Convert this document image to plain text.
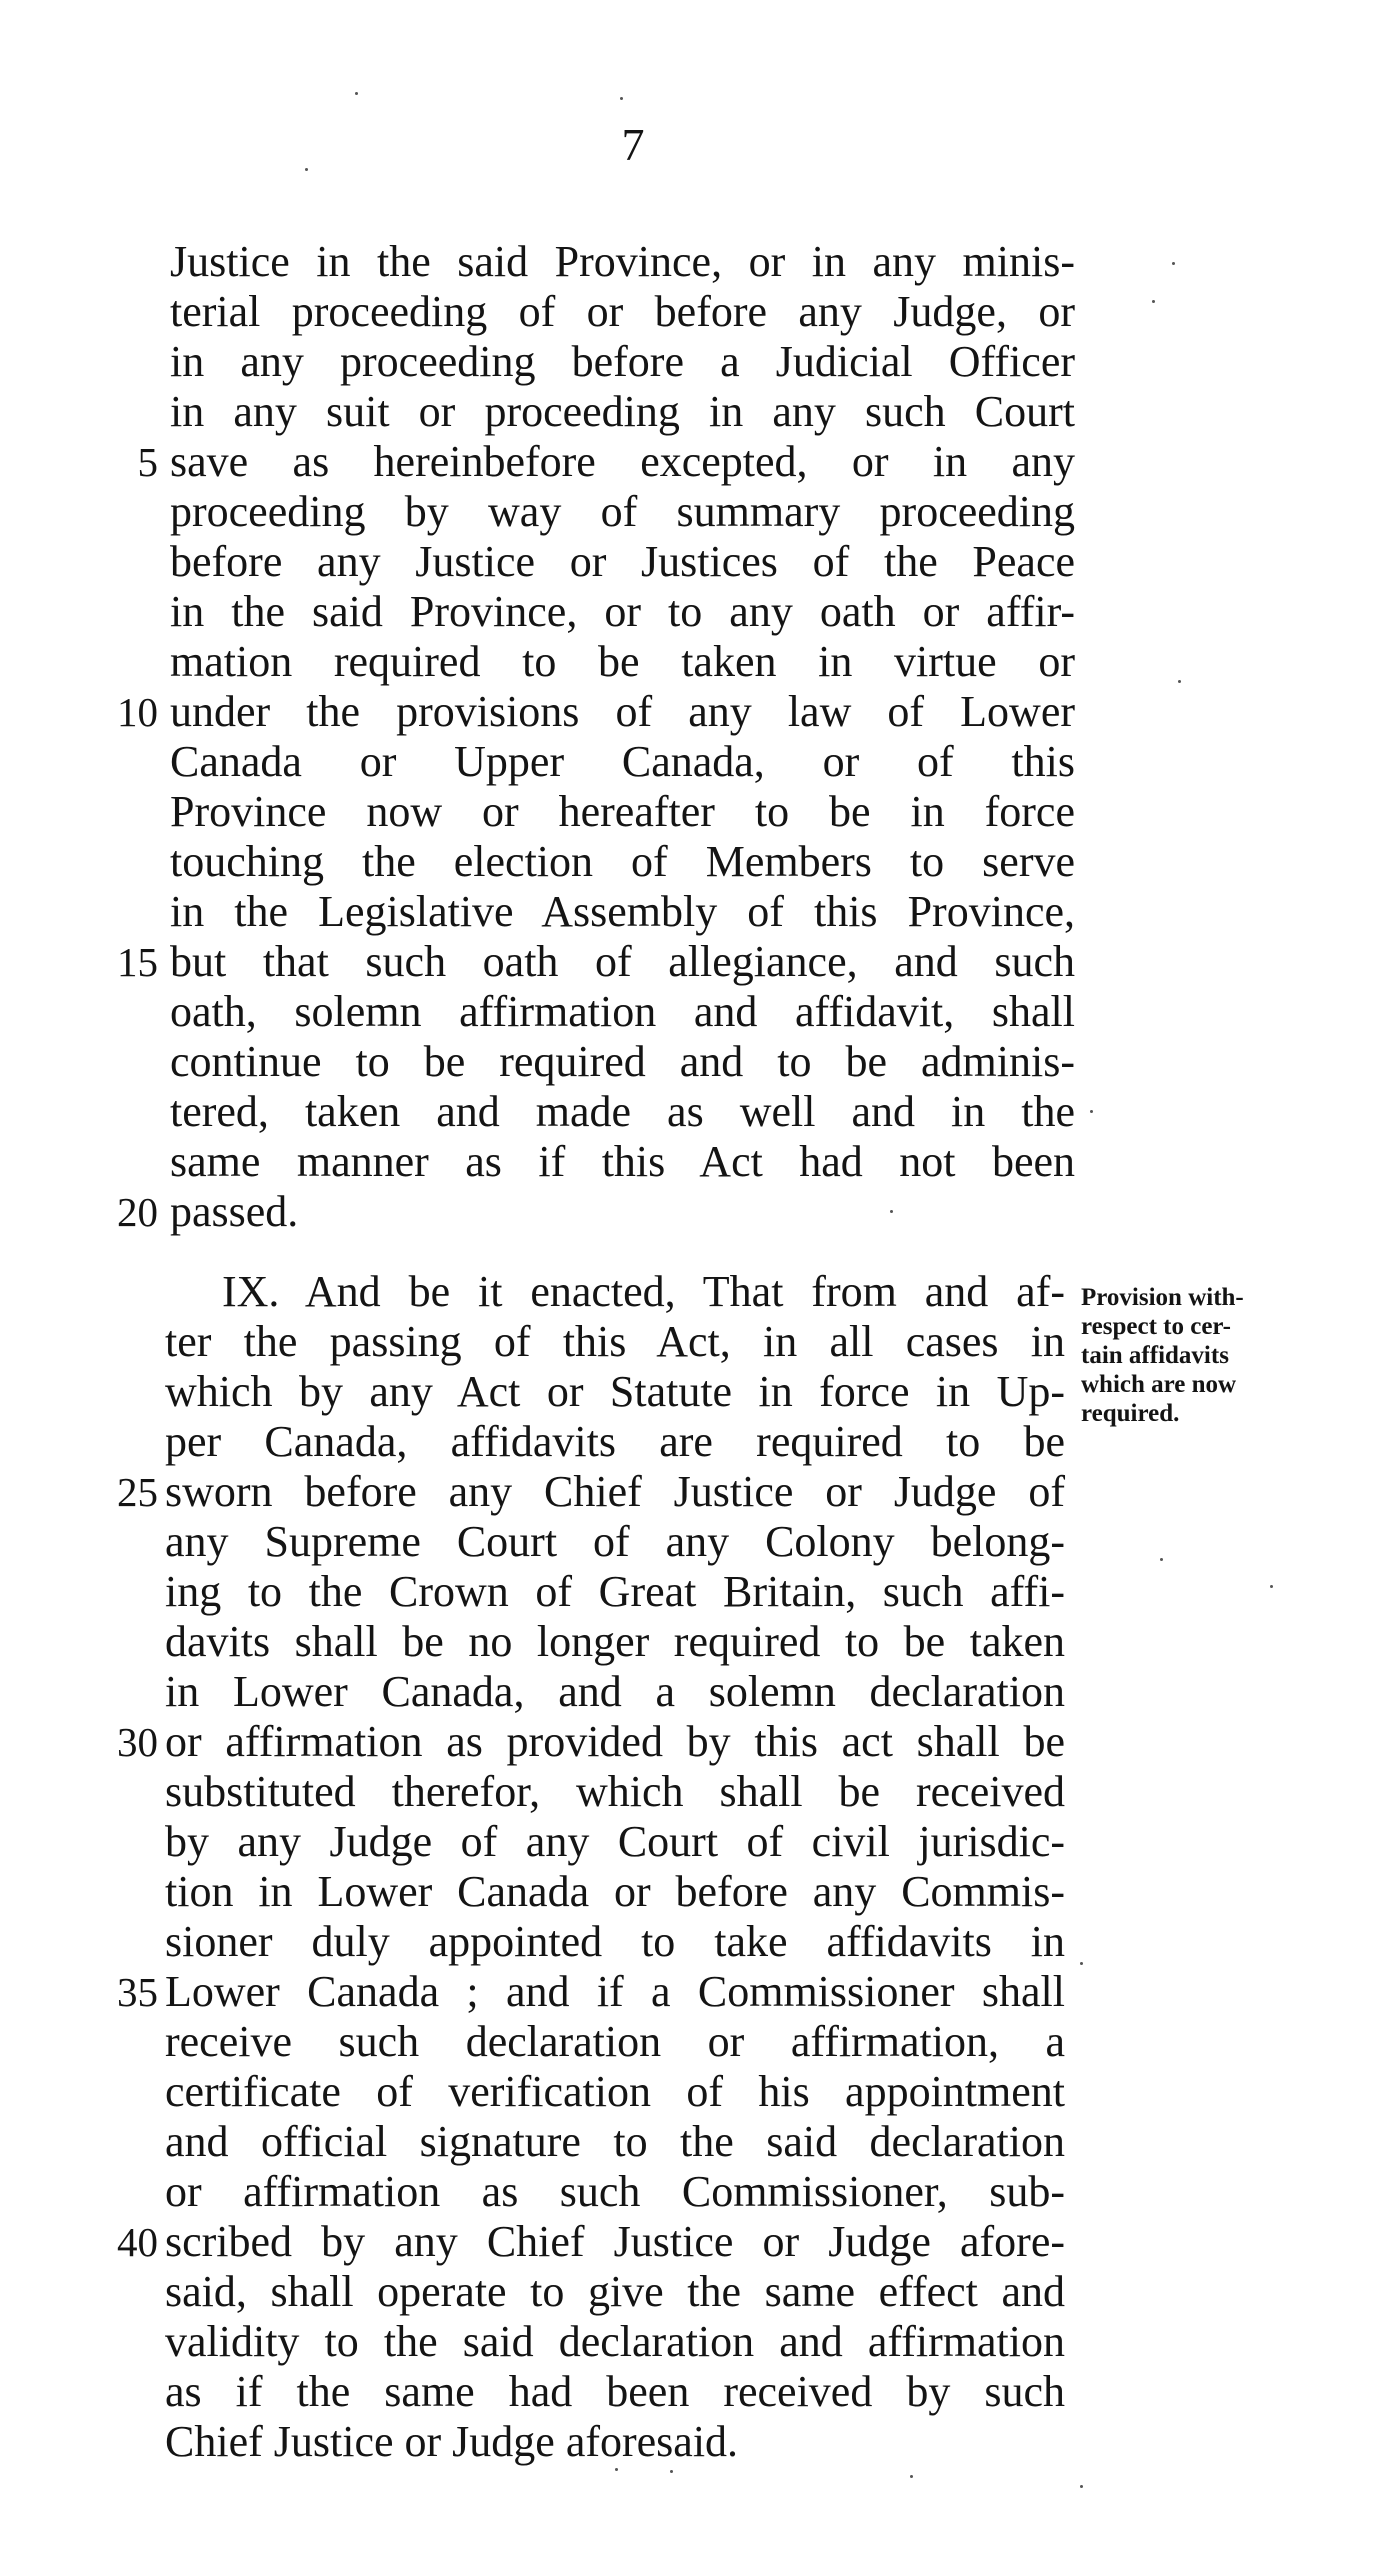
7
Justice in the said Province, or in any minis-
terial proceeding of or before any Judge, or
in any proceeding before a Judicial Officer
in any suit or proceeding in any such Court
5 save as hereinbefore excepted, or in any
proceeding by way of summary proceeding
before any Justice or Justices of the Peace
in the said Province, or to any oath or affir-
mation required to be taken in virtue or
10 under the provisions of any law of Lower
Canada or Upper Canada, or of this
Province now or hereafter to be in force
touching the election of Members to serve
in the Legislative Assembly of this Province,
15 but that such oath of allegiance, and such
oath, solemn affirmation and affidavit, shall
continue to be required and to be adminis-
tered, taken and made as well and in the
same manner as if this Act had not been
20 passed.
IX. And be it enacted, That from and af-
ter the passing of this Act, in all cases in
which by any Act or Statute in force in Up-
per Canada, affidavits are required to be
25 sworn before any Chief Justice or Judge of
any Supreme Court of any Colony belong-
ing to the Crown of Great Britain, such affi-
davits shall be no longer required to be taken
in Lower Canada, and a solemn declaration
30 or affirmation as provided by this act shall be
substituted therefor, which shall be received
by any Judge of any Court of civil jurisdic-
tion in Lower Canada or before any Commis-
sioner duly appointed to take affidavits in
35 Lower Canada ; and if a Commissioner shall
receive such declaration or affirmation, a
certificate of verification of his appointment
and official signature to the said declaration
or affirmation as such Commissioner, sub-
40 scribed by any Chief Justice or Judge afore-
said, shall operate to give the same effect and
validity to the said declaration and affirmation
as if the same had been received by such
Chief Justice or Judge aforesaid.
Provision with-
respect to cer-
tain affidavits
which are now
required.
